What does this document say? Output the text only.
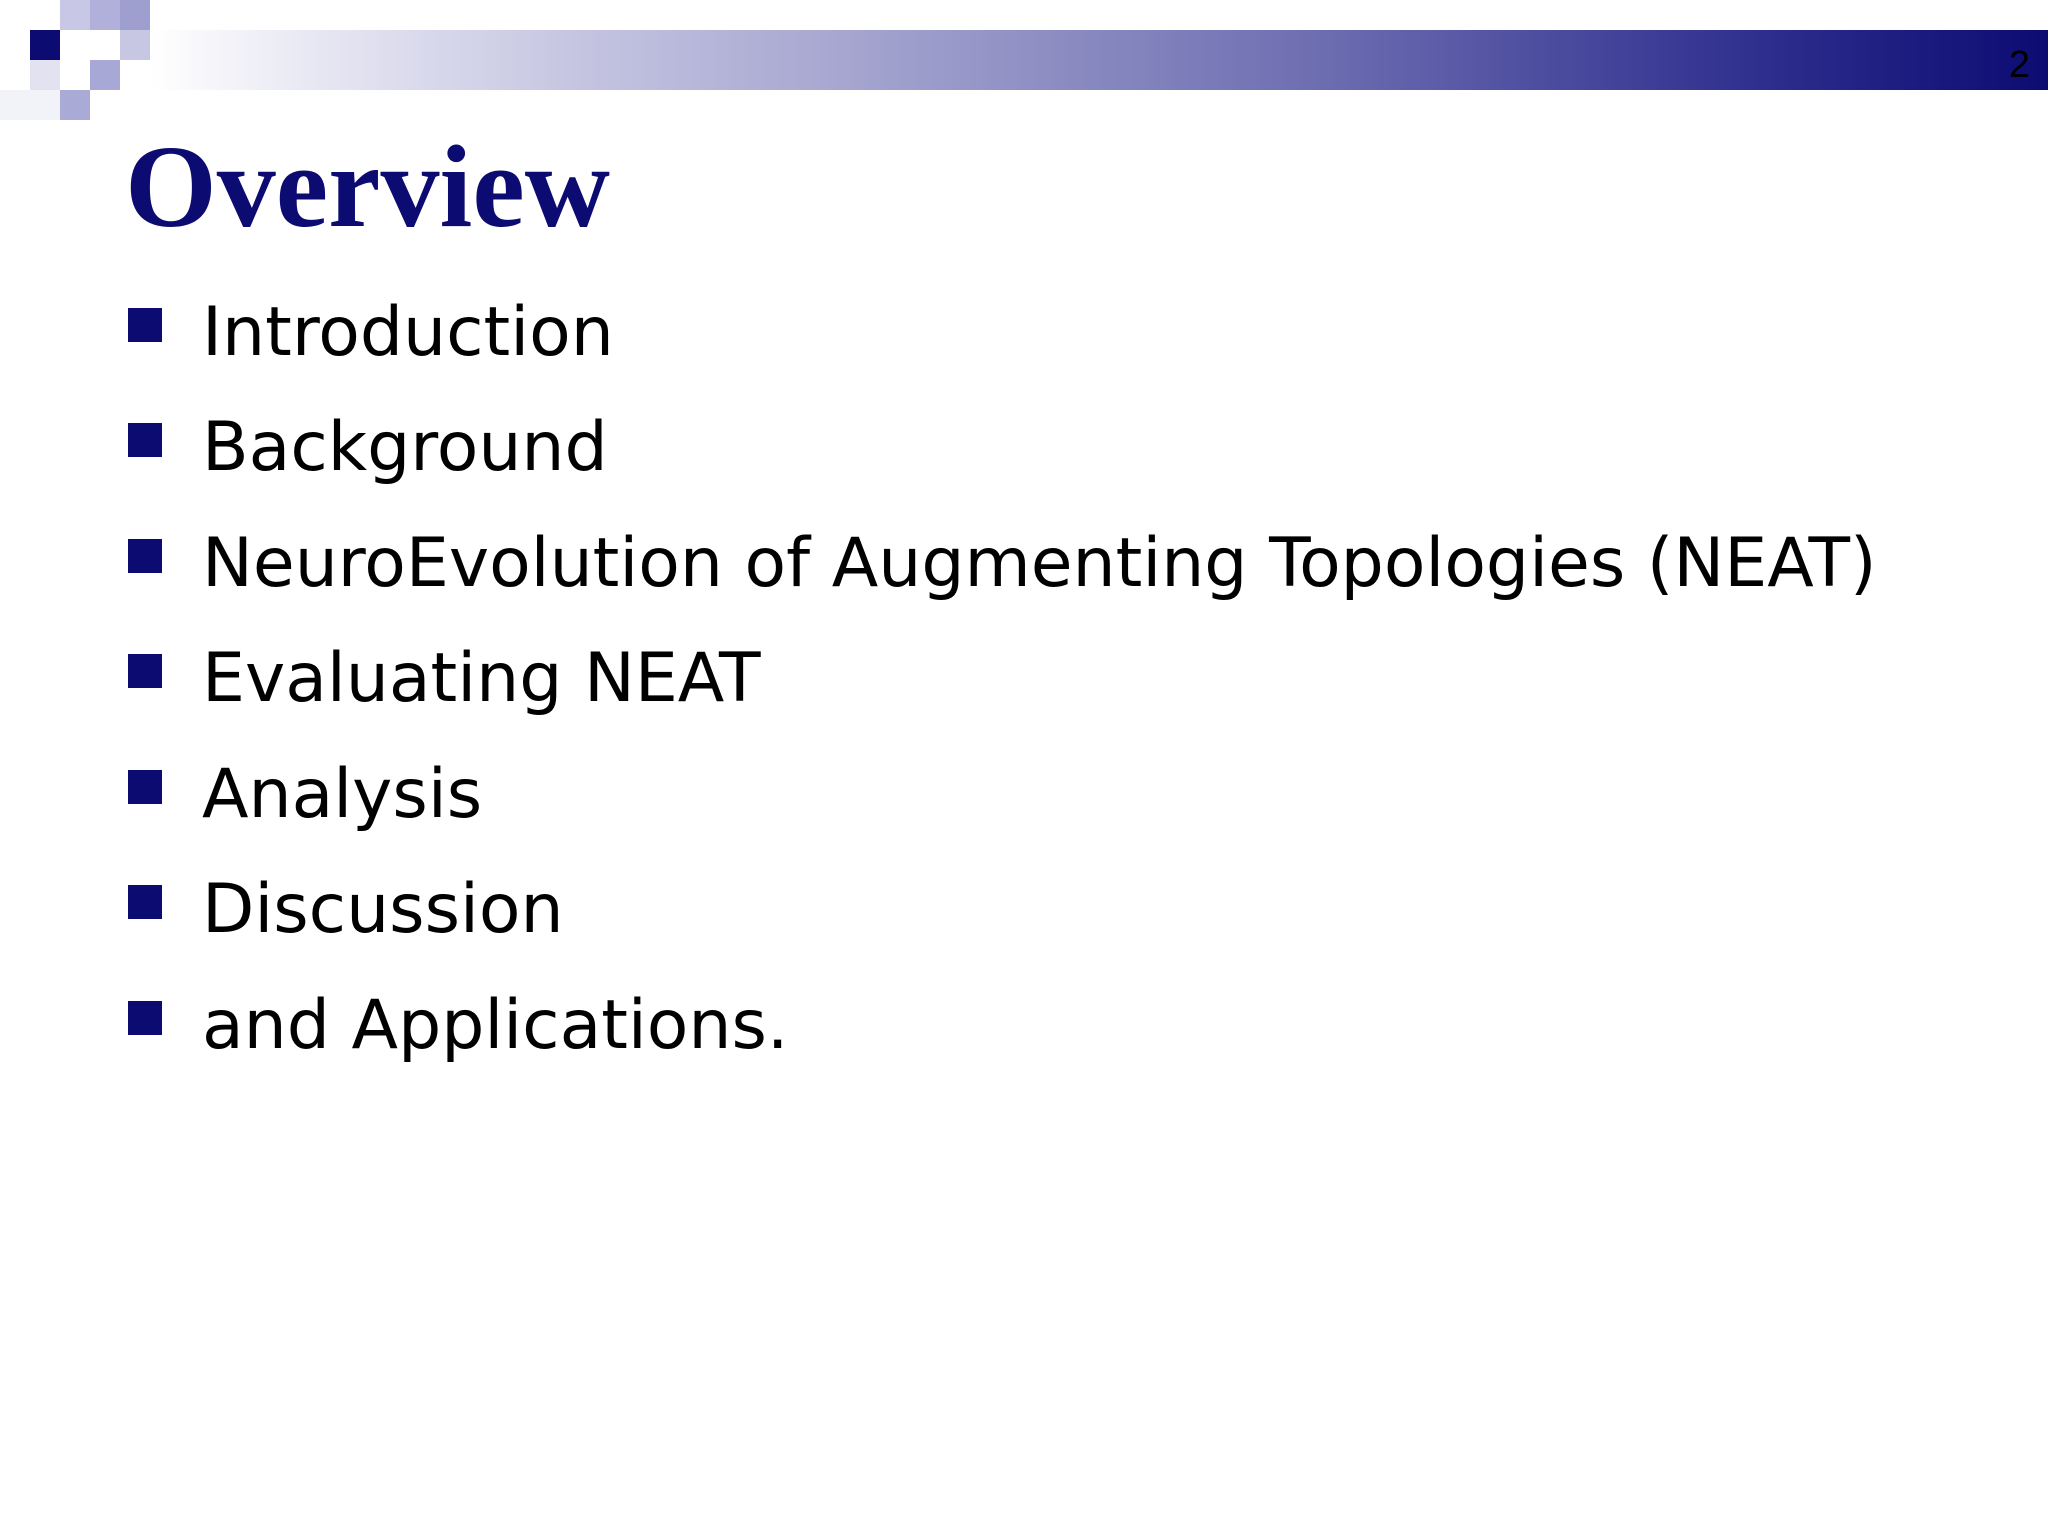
2
Overview
Introduction
Background
NeuroEvolution of Augmenting Topologies (NEAT)
Evaluating NEAT
Analysis
Discussion
and Applications.
